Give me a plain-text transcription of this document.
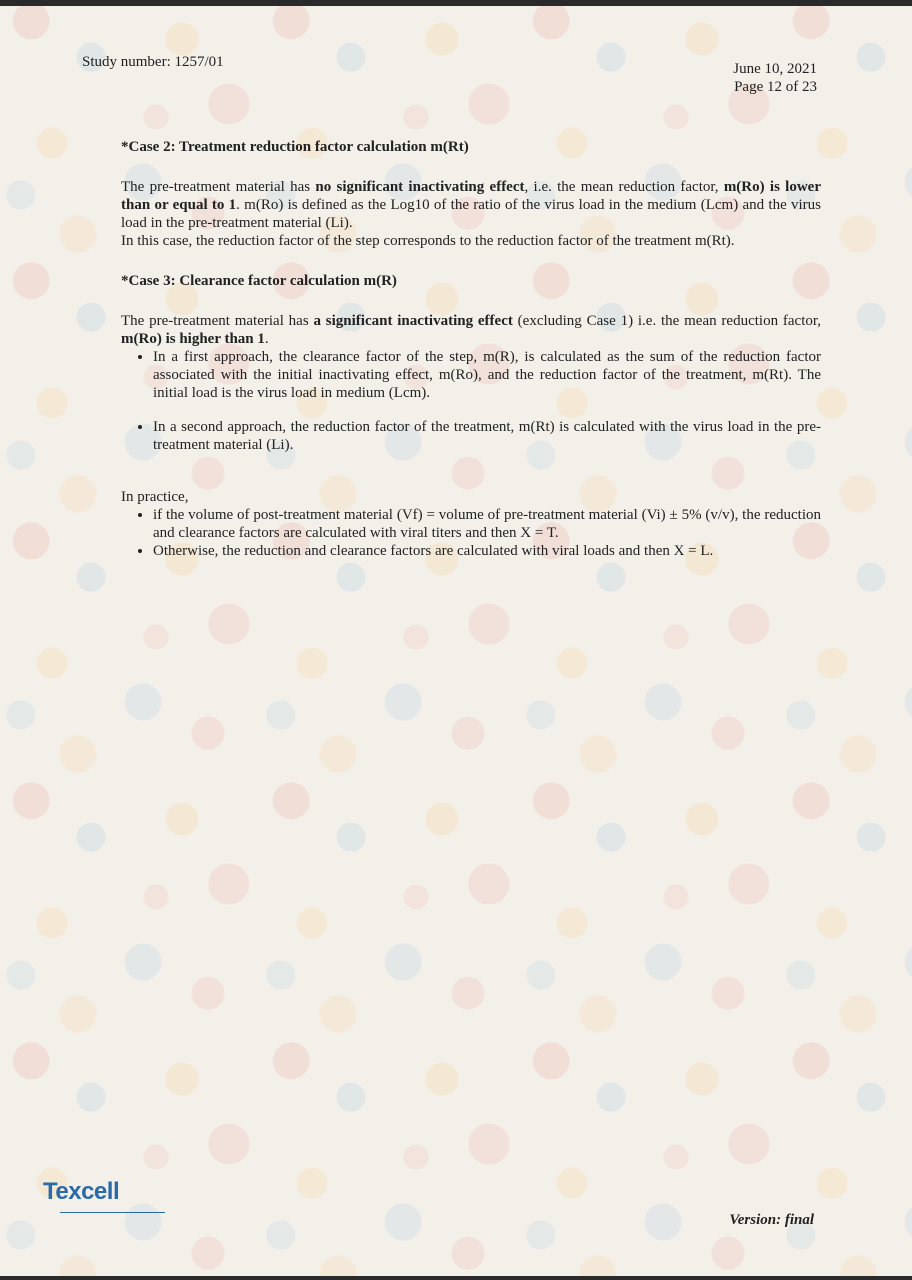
Study number: 1257/01	June 10, 2021
Page 12 of 23
*Case 2: Treatment reduction factor calculation m(Rt)

The pre-treatment material has no significant inactivating effect, i.e. the mean reduction factor, m(Ro) is lower than or equal to 1. m(Ro) is defined as the Log10 of the ratio of the virus load in the medium (Lcm) and the virus load in the pre-treatment material (Li).

In this case, the reduction factor of the step corresponds to the reduction factor of the treatment m(Rt).

*Case 3: Clearance factor calculation m(R)

The pre-treatment material has a significant inactivating effect (excluding Case 1) i.e. the mean reduction factor, m(Ro) is higher than 1.

• In a first approach, the clearance factor of the step, m(R), is calculated as the sum of the reduction factor associated with the initial inactivating effect, m(Ro), and the reduction factor of the treatment, m(Rt). The initial load is the virus load in medium (Lcm).
• In a second approach, the reduction factor of the treatment, m(Rt) is calculated with the virus load in the pre-treatment material (Li).

In practice,

• if the volume of post-treatment material (Vf) = volume of pre-treatment material (Vi) ± 5% (v/v), the reduction and clearance factors are calculated with viral titers and then X = T.
• Otherwise, the reduction and clearance factors are calculated with viral loads and then X = L.
Texcell
Version: final
